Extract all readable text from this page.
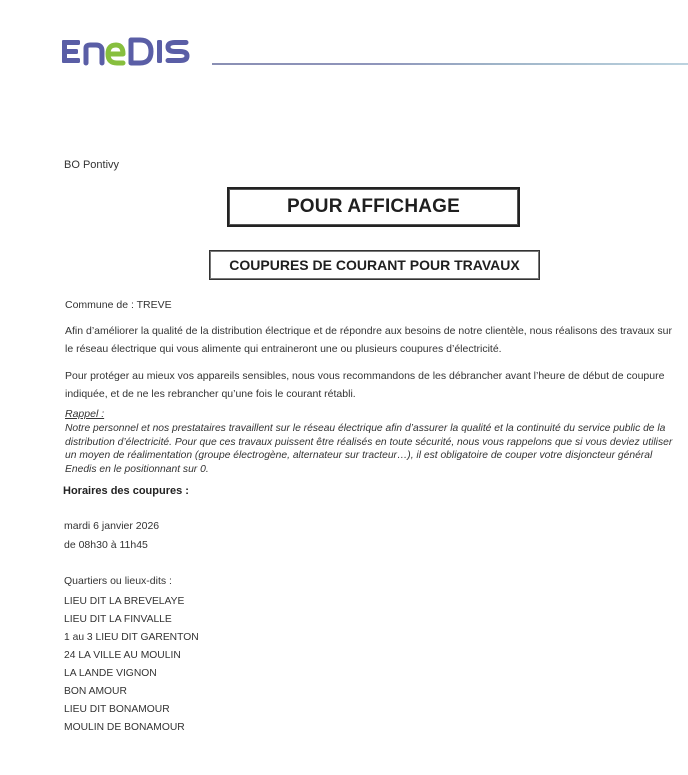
BO Pontivy
POUR AFFICHAGE
COUPURES DE COURANT POUR TRAVAUX
Commune de : TREVE
Afin d’améliorer la qualité de la distribution électrique et de répondre aux besoins de notre clientèle, nous réalisons des travaux sur le réseau électrique qui vous alimente qui entraineront une ou plusieurs coupures d’électricité.
Pour protéger au mieux vos appareils sensibles, nous vous recommandons de les débrancher avant l’heure de début de coupure indiquée, et de ne les rebrancher qu’une fois le courant rétabli.
Rappel :
Notre personnel et nos prestataires travaillent sur le réseau électrique afin d’assurer la qualité et la continuité du service public de la distribution d’électricité. Pour que ces travaux puissent être réalisés en toute sécurité, nous vous rappelons que si vous deviez utiliser un moyen de réalimentation (groupe électrogène, alternateur sur tracteur…), il est obligatoire de couper votre disjoncteur général Enedis en le positionnant sur 0.
Horaires des coupures :
mardi 6 janvier 2026
de 08h30 à 11h45
Quartiers ou lieux-dits :
LIEU DIT LA BREVELAYE
LIEU DIT LA FINVALLE
1 au 3 LIEU DIT GARENTON
24 LA VILLE AU MOULIN
LA LANDE VIGNON
BON AMOUR
LIEU DIT BONAMOUR
MOULIN DE BONAMOUR
